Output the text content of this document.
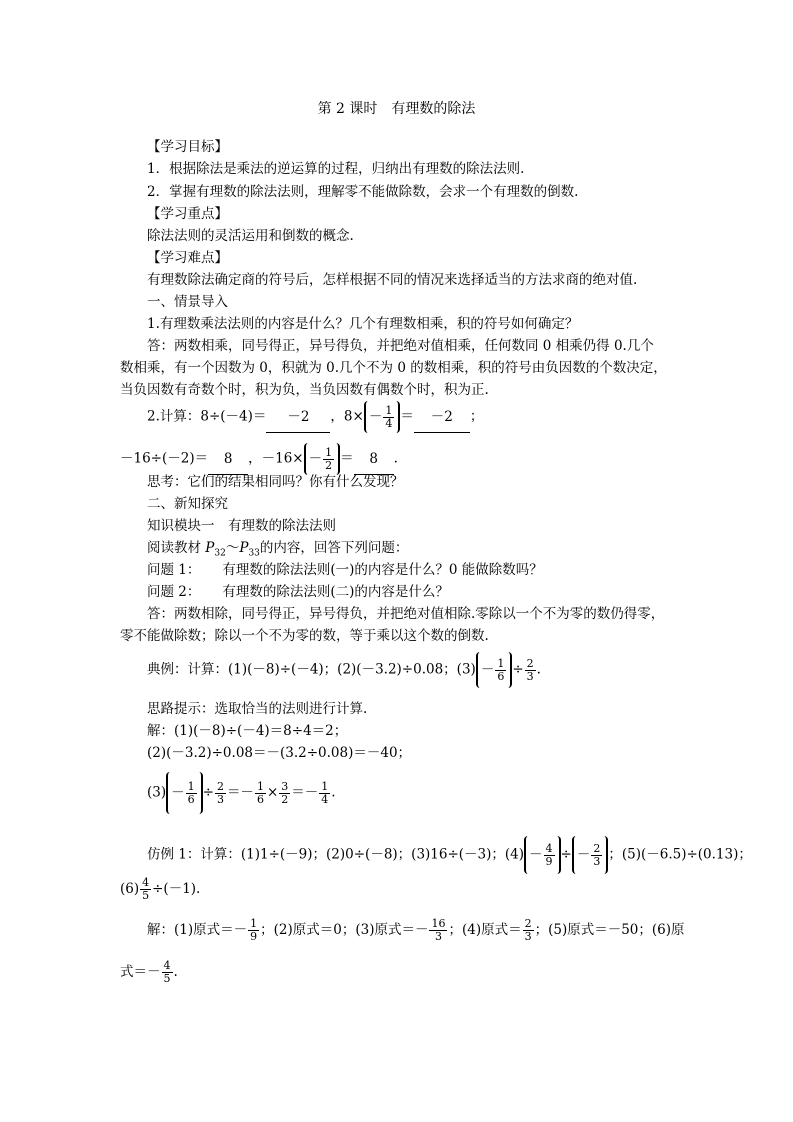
第 2 课时　有理数的除法
【学习目标】
1．根据除法是乘法的逆运算的过程，归纳出有理数的除法法则.
2．掌握有理数的除法法则，理解零不能做除数，会求一个有理数的倒数.
【学习重点】
除法法则的灵活运用和倒数的概念.
【学习难点】
有理数除法确定商的符号后，怎样根据不同的情况来选择适当的方法求商的绝对值.
一、情景导入
1.有理数乘法法则的内容是什么？几个有理数相乘，积的符号如何确定？
答：两数相乘，同号得正，异号得负，并把绝对值相乘，任何数同 0 相乘仍得 0.几个
数相乘，有一个因数为 0，积就为 0.几个不为 0 的数相乘，积的符号由负因数的个数决定，
当负因数有奇数个时，积为负，当负因数有偶数个时，积为正.
2.计算：8÷(－4)＝ －2 ，$8\times - \frac{1}{4} = -2$ ；
－16÷(－2)＝ 8 ，$-16\times - \frac{1}{2} = 8$ .
思考：它们的结果相同吗？你有什么发现？
二、新知探究
知识模块一　有理数的除法法则
阅读教材 $P_{32}\sim P_{33}$的内容，回答下列问题：
问题 1： 有理数的除法法则(一)的内容是什么？0 能做除数吗？
问题 2： 有理数的除法法则(二)的内容是什么？
答：两数相除，同号得正，异号得负，并把绝对值相除.零除以一个不为零的数仍得零，
零不能做除数；除以一个不为零的数，等于乘以这个数的倒数.
典例：计算：(1)(－8)÷(－4)；(2)(－3.2)÷0.08；$(3) - \frac{1}{6} \div \frac{2}{3}$ .
思路提示：选取恰当的法则进行计算.
解：(1)(－8)÷(－4)＝8÷4＝2；
(2)(－3.2)÷0.08＝－(3.2÷0.08)＝－40；
$(3) - \frac{1}{6} \div \frac{2}{3} =- \frac{1}{6} \times \frac{3}{2} =- \frac{1}{4}$ .
仿例 1：计算：(1)1÷(－9)；(2)0÷(－8)；(3)16÷(－3)；$(4) - \frac{4}{9}$ ÷ － $\frac{2}{3}$ ；(5)(－6.5)÷(0.13)；
$(6) \frac{4}{5} \div(-1)$.
解：(1)原式＝－ $\frac{1}{9}$ ；(2)原式＝0；(3)原式＝－ $\frac{16}{3}$ ；(4)原式＝ $\frac{2}{3}$ ；(5)原式＝－50；(6)原
式＝－ $\frac{4}{5}$ .
